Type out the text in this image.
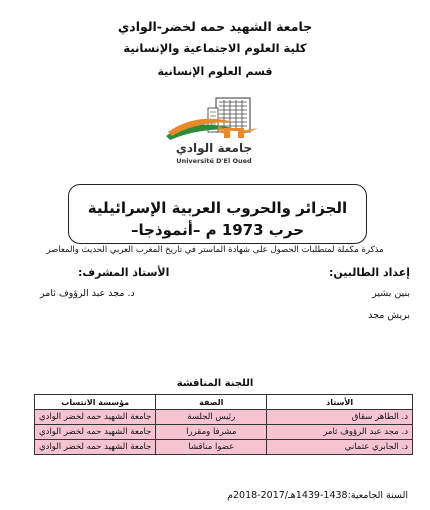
جامعة الشهيد حمه لخضر-الوادي
كلية العلوم الاجتماعية والإنسانية
قسم العلوم الإنسانية
جامعة الوادي
Université D'El Oued
الجزائر والحروب العربية الإسرائيلية
حرب 1973 م –أنموذجا–
مذكرة مكملة لمتطلبات الحصول على شهادة الماستر في تاريخ المغرب العربي الحديث والمعاصر
إعداد الطالبين:
الأستاذ المشرف:
بنين بشير
بريش مجد
د. مجد عبد الرؤوف ثامر
اللجنة المناقشة
الأستاذ	الصفة	مؤسسة الانتساب
د. الطاهر سقاق	رئيس الجلسة	جامعة الشهيد حمه لخضر الوادي
د. مجد عبد الرؤوف ثامر	مشرفا ومقررا	جامعة الشهيد حمه لخضر الوادي
د. الجابري عثماني	عضوا مناقشا	جامعة الشهيد حمه لخضر الوادي
السنة الجامعية:1438-1439هـ/2017-2018م
